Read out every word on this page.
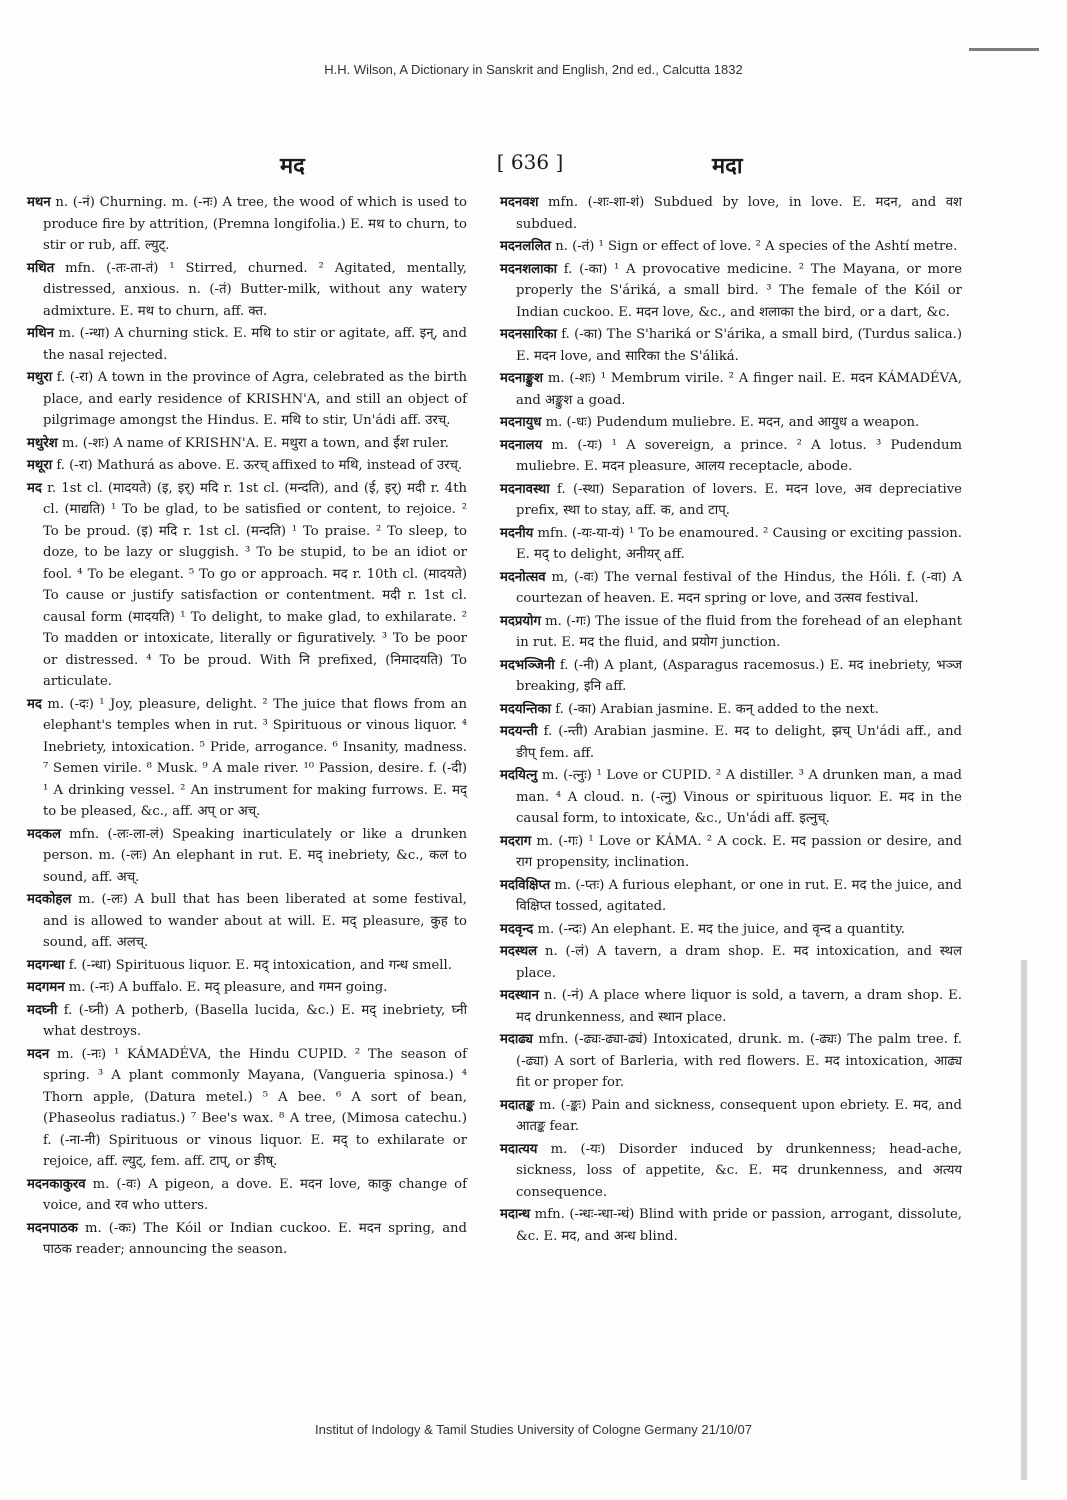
H.H. Wilson, A Dictionary in Sanskrit and English, 2nd ed., Calcutta 1832
मद	[ 636 ]	मदा

मथन n. (-नं) Churning. m. (-नः) A tree, the wood of which is used to produce fire by attrition, (Premna longifolia.) E. मथ to churn, to stir or rub, aff. ल्युट्.

मथित mfn. (-तः-ता-तं) ¹ Stirred, churned. ² Agitated, mentally, distressed, anxious. n. (-तं) Butter-milk, without any watery admixture. E. मथ to churn, aff. क्त.

मथिन m. (-न्था) A churning stick. E. मथि to stir or agitate, aff. इन्, and the nasal rejected.

मथुरा f. (-रा) A town in the province of Agra, celebrated as the birth place, and early residence of KRISHN'A, and still an object of pilgrimage amongst the Hindus. E. मथि to stir, Un'ádi aff. उरच्.

मथुरेश m. (-शः) A name of KRISHN'A. E. मथुरा a town, and ईश ruler.

मथूरा f. (-रा) Mathurá as above. E. ऊरच् affixed to मथि, instead of उरच्.

मद r. 1st cl. (मादयते) (इ, इर्) मदि r. 1st cl. (मन्दति), and (ई, इर्) मदी r. 4th cl. (माद्यति) ¹ To be glad, to be satisfied or content, to rejoice. ² To be proud. (इ) मदि r. 1st cl. (मन्दति) ¹ To praise. ² To sleep, to doze, to be lazy or sluggish. ³ To be stupid, to be an idiot or fool. ⁴ To be elegant. ⁵ To go or approach. मद r. 10th cl. (मादयते) To cause or justify satisfaction or contentment. मदी r. 1st cl. causal form (मादयति) ¹ To delight, to make glad, to exhilarate. ² To madden or intoxicate, literally or figuratively. ³ To be poor or distressed. ⁴ To be proud. With नि prefixed, (निमादयति) To articulate.

मद m. (-दः) ¹ Joy, pleasure, delight. ² The juice that flows from an elephant's temples when in rut. ³ Spirituous or vinous liquor. ⁴ Inebriety, intoxication. ⁵ Pride, arrogance. ⁶ Insanity, madness. ⁷ Semen virile. ⁸ Musk. ⁹ A male river. ¹⁰ Passion, desire. f. (-दी) ¹ A drinking vessel. ² An instrument for making furrows. E. मद् to be pleased, &c., aff. अप् or अच्.

मदकल mfn. (-लः-ला-लं) Speaking inarticulately or like a drunken person. m. (-लः) An elephant in rut. E. मद् inebriety, &c., कल to sound, aff. अच्.

मदकोहल m. (-लः) A bull that has been liberated at some festival, and is allowed to wander about at will. E. मद् pleasure, कुह to sound, aff. अलच्.

मदगन्धा f. (-न्धा) Spirituous liquor. E. मद् intoxication, and गन्ध smell.

मदगमन m. (-नः) A buffalo. E. मद् pleasure, and गमन going.

मदघ्नी f. (-घ्नी) A potherb, (Basella lucida, &c.) E. मद् inebriety, घ्नी what destroys.

मदन m. (-नः) ¹ KÁMADÉVA, the Hindu CUPID. ² The season of spring. ³ A plant commonly Mayana, (Vangueria spinosa.) ⁴ Thorn apple, (Datura metel.) ⁵ A bee. ⁶ A sort of bean, (Phaseolus radiatus.) ⁷ Bee's wax. ⁸ A tree, (Mimosa catechu.) f. (-ना-नी) Spirituous or vinous liquor. E. मद् to exhilarate or rejoice, aff. ल्युट्, fem. aff. टाप्, or ङीष्.

मदनकाकुरव m. (-वः) A pigeon, a dove. E. मदन love, काकु change of voice, and रव who utters.

मदनपाठक m. (-कः) The Kóil or Indian cuckoo. E. मदन spring, and पाठक reader; announcing the season.

मदनवश mfn. (-शः-शा-शं) Subdued by love, in love. E. मदन, and वश subdued.

मदनललित n. (-तं) ¹ Sign or effect of love. ² A species of the Ashtí metre.

मदनशलाका f. (-का) ¹ A provocative medicine. ² The Mayana, or more properly the S'áriká, a small bird. ³ The female of the Kóil or Indian cuckoo. E. मदन love, &c., and शलाका the bird, or a dart, &c.

मदनसारिका f. (-का) The S'hariká or S'árika, a small bird, (Turdus salica.) E. मदन love, and सारिका the S'áliká.

मदनाङ्कुश m. (-शः) ¹ Membrum virile. ² A finger nail. E. मदन KÁMADÉVA, and अङ्कुश a goad.

मदनायुध m. (-धः) Pudendum muliebre. E. मदन, and आयुध a weapon.

मदनालय m. (-यः) ¹ A sovereign, a prince. ² A lotus. ³ Pudendum muliebre. E. मदन pleasure, आलय receptacle, abode.

मदनावस्था f. (-स्था) Separation of lovers. E. मदन love, अव depreciative prefix, स्था to stay, aff. क, and टाप्.

मदनीय mfn. (-यः-या-यं) ¹ To be enamoured. ² Causing or exciting passion. E. मद् to delight, अनीयर् aff.

मदनोत्सव m, (-वः) The vernal festival of the Hindus, the Hóli. f. (-वा) A courtezan of heaven. E. मदन spring or love, and उत्सव festival.

मदप्रयोग m. (-गः) The issue of the fluid from the forehead of an elephant in rut. E. मद the fluid, and प्रयोग junction.

मदभञ्जिनी f. (-नी) A plant, (Asparagus racemosus.) E. मद inebriety, भञ्ज breaking, इनि aff.

मदयन्तिका f. (-का) Arabian jasmine. E. कन् added to the next.

मदयन्ती f. (-न्ती) Arabian jasmine. E. मद to delight, झच् Un'ádi aff., and ङीप् fem. aff.

मदयित्नु m. (-त्नुः) ¹ Love or CUPID. ² A distiller. ³ A drunken man, a mad man. ⁴ A cloud. n. (-त्नु) Vinous or spirituous liquor. E. मद in the causal form, to intoxicate, &c., Un'ádi aff. इत्नुच्.

मदराग m. (-गः) ¹ Love or KÁMA. ² A cock. E. मद passion or desire, and राग propensity, inclination.

मदविक्षिप्त m. (-प्तः) A furious elephant, or one in rut. E. मद the juice, and विक्षिप्त tossed, agitated.

मदवृन्द m. (-न्दः) An elephant. E. मद the juice, and वृन्द a quantity.

मदस्थल n. (-लं) A tavern, a dram shop. E. मद intoxication, and स्थल place.

मदस्थान n. (-नं) A place where liquor is sold, a tavern, a dram shop. E. मद drunkenness, and स्थान place.

मदाढ्य mfn. (-ढ्यः-ढ्या-ढ्यं) Intoxicated, drunk. m. (-ढ्यः) The palm tree. f. (-ढ्या) A sort of Barleria, with red flowers. E. मद intoxication, आढ्य fit or proper for.

मदातङ्क m. (-ङ्कः) Pain and sickness, consequent upon ebriety. E. मद, and आतङ्क fear.

मदात्यय m. (-यः) Disorder induced by drunkenness; head-ache, sickness, loss of appetite, &c. E. मद drunkenness, and अत्यय consequence.

मदान्ध mfn. (-न्धः-न्धा-न्धं) Blind with pride or passion, arrogant, dissolute, &c. E. मद, and अन्ध blind.

Institut of Indology & Tamil Studies University of Cologne Germany 21/10/07
